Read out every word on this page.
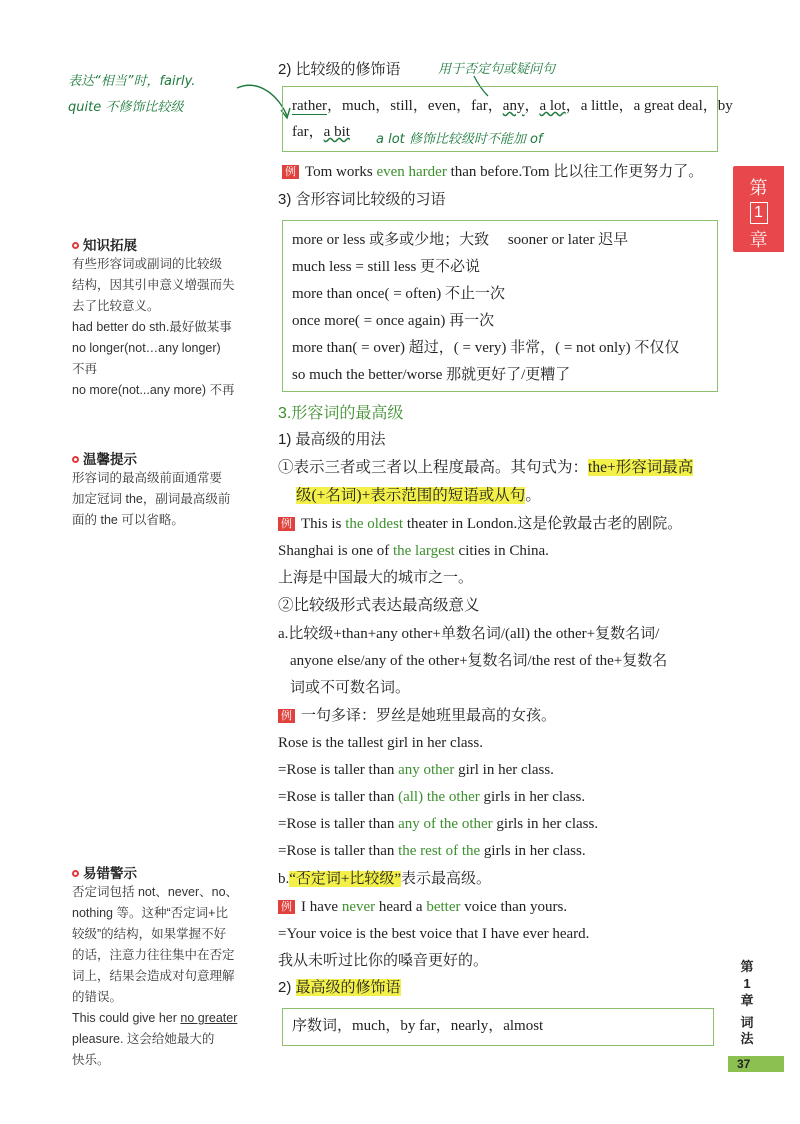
表达“相当”时，fairly.
quite 不修饰比较级
用于否定句或疑问句
2) 比较级的修饰语
rather，much，still，even，far，any，a lot，a little，a great deal，by
far，a bit a lot 修饰比较级时不能加 of
例 Tom works even harder than before.Tom 比以往工作更努力了。
3) 含形容词比较级的习语
more or less 或多或少地；大致　 sooner or later 迟早
much less = still less 更不必说
more than once( = often) 不止一次
once more( = once again) 再一次
more than( = over) 超过，( = very) 非常，( = not only) 不仅仅
so much the better/worse 那就更好了/更糟了
3.形容词的最高级
1) 最高级的用法
①表示三者或三者以上程度最高。其句式为：the+形容词最高
级(+名词)+表示范围的短语或从句。
例 This is the oldest theater in London.这是伦敦最古老的剧院。
Shanghai is one of the largest cities in China.
上海是中国最大的城市之一。
②比较级形式表达最高级意义
a.比较级+than+any other+单数名词/(all) the other+复数名词/
anyone else/any of the other+复数名词/the rest of the+复数名
词或不可数名词。
例 一句多译：罗丝是她班里最高的女孩。
Rose is the tallest girl in her class.
=Rose is taller than any other girl in her class.
=Rose is taller than (all) the other girls in her class.
=Rose is taller than any of the other girls in her class.
=Rose is taller than the rest of the girls in her class.
b.“否定词+比较级”表示最高级。
例 I have never heard a better voice than yours.
=Your voice is the best voice that I have ever heard.
我从未听过比你的嗓音更好的。
2) 最高级的修饰语
序数词，much，by far，nearly，almost
知识拓展
有些形容词或副词的比较级
结构，因其引申意义增强而失
去了比较意义。
had better do sth.最好做某事
no longer(not…any longer)
不再
no more(not...any more) 不再
温馨提示
形容词的最高级前面通常要
加定冠词 the，副词最高级前
面的 the 可以省略。
易错警示
否定词包括 not、never、no、
nothing 等。这种“否定词+比
较级”的结构，如果掌握不好
的话，注意力往往集中在否定
词上，结果会造成对句意理解
的错误。
This could give her no greater
pleasure. 这会给她最大的
快乐。
第
1
章
第
1
章
词法
37
